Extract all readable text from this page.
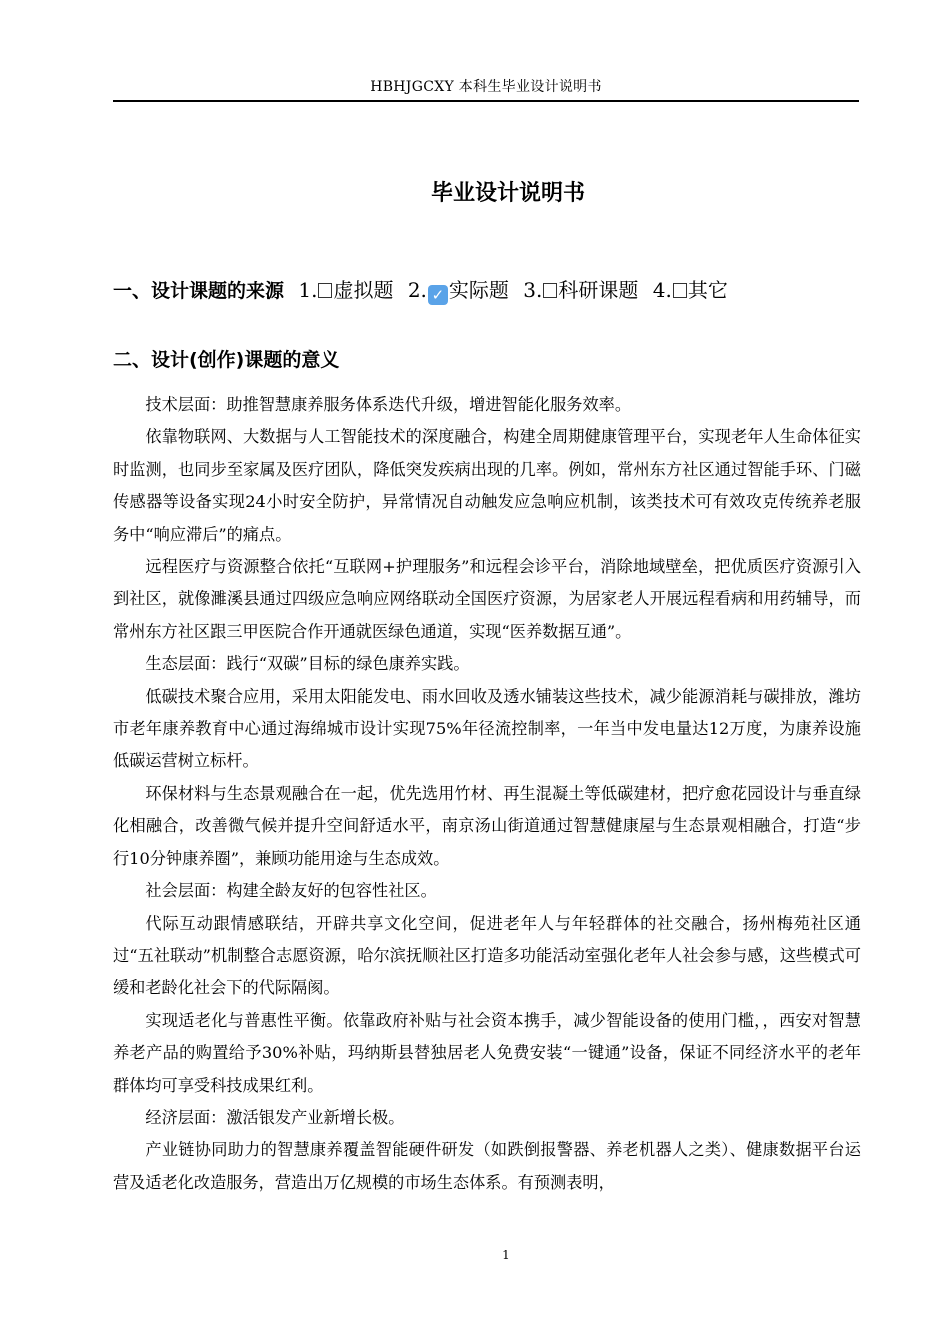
HBHJGCXY 本科生毕业设计说明书
毕业设计说明书
一、设计课题的来源 1. 虚拟题 2. ✓ 实际题 3. 科研课题 4. 其它
二、设计(创作)课题的意义

技术层面：助推智慧康养服务体系迭代升级，增进智能化服务效率。

依靠物联网、大数据与人工智能技术的深度融合，构建全周期健康管理平台，实现老年人生命体征实时监测，也同步至家属及医疗团队，降低突发疾病出现的几率。例如，常州东方社区通过智能手环、门磁传感器等设备实现24小时安全防护，异常情况自动触发应急响应机制，该类技术可有效攻克传统养老服务中“响应滞后”的痛点。

远程医疗与资源整合依托“互联网+护理服务”和远程会诊平台，消除地域壁垒，把优质医疗资源引入到社区，就像濉溪县通过四级应急响应网络联动全国医疗资源，为居家老人开展远程看病和用药辅导，而常州东方社区跟三甲医院合作开通就医绿色通道，实现“医养数据互通”。

生态层面：践行“双碳”目标的绿色康养实践。

低碳技术聚合应用，采用太阳能发电、雨水回收及透水铺装这些技术，减少能源消耗与碳排放，潍坊市老年康养教育中心通过海绵城市设计实现75%年径流控制率，一年当中发电量达12万度，为康养设施低碳运营树立标杆。

环保材料与生态景观融合在一起，优先选用竹材、再生混凝土等低碳建材，把疗愈花园设计与垂直绿化相融合，改善微气候并提升空间舒适水平，南京汤山街道通过智慧健康屋与生态景观相融合，打造“步行10分钟康养圈”，兼顾功能用途与生态成效。

社会层面：构建全龄友好的包容性社区。

代际互动跟情感联结，开辟共享文化空间，促进老年人与年轻群体的社交融合，扬州梅苑社区通过“五社联动”机制整合志愿资源，哈尔滨抚顺社区打造多功能活动室强化老年人社会参与感，这些模式可缓和老龄化社会下的代际隔阂。

实现适老化与普惠性平衡。依靠政府补贴与社会资本携手，减少智能设备的使用门槛，，西安对智慧养老产品的购置给予30%补贴，玛纳斯县替独居老人免费安装“一键通”设备，保证不同经济水平的老年群体均可享受科技成果红利。

经济层面：激活银发产业新增长极。

产业链协同助力的智慧康养覆盖智能硬件研发（如跌倒报警器、养老机器人之类）、健康数据平台运营及适老化改造服务，营造出万亿规模的市场生态体系。有预测表明，

1
